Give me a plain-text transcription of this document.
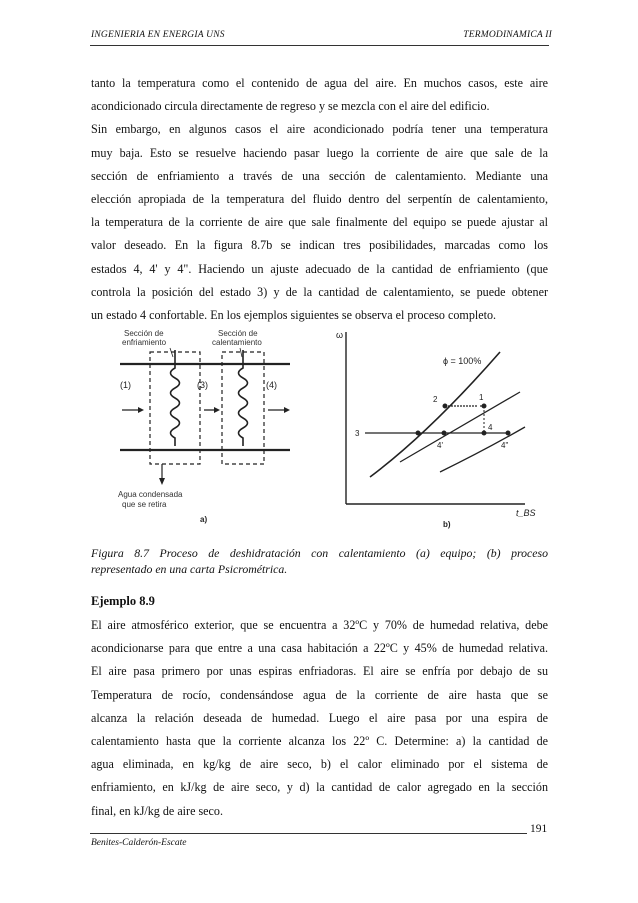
INGENIERIA EN ENERGIA UNS	TERMODINAMICA II
tanto la temperatura como el contenido de agua del aire. En muchos casos, este aire
acondicionado circula directamente de regreso y se mezcla con el aire del edificio.
Sin embargo, en algunos casos el aire acondicionado podría tener una temperatura
muy baja. Esto se resuelve haciendo pasar luego la corriente de aire que sale de la
sección de enfriamiento a través de una sección de calentamiento. Mediante una
elección apropiada de la temperatura del fluido dentro del serpentín de calentamiento,
la temperatura de la corriente de aire que sale finalmente del equipo se puede ajustar al
valor deseado. En la figura 8.7b se indican tres posibilidades, marcadas como los
estados 4, 4' y 4". Haciendo un ajuste adecuado de la cantidad de enfriamiento (que
controla la posición del estado 3) y de la cantidad de calentamiento, se puede obtener
un estado 4 confortable. En los ejemplos siguientes se observa el proceso completo.
Sección de
enfriamiento
Sección de
calentamiento
(1)	(3)	(4)
Agua condensada
que se retira
a)
ω
ϕ = 100%
1
2
3
4
4'	4"
t_BS
b)
Figura 8.7 Proceso de deshidratación con calentamiento (a) equipo; (b) proceso
representado en una carta Psicrométrica.
Ejemplo 8.9
El aire atmosférico exterior, que se encuentra a 32ºC y 70% de humedad relativa, debe
acondicionarse para que entre a una casa habitación a 22ºC y 45% de humedad relativa.
El aire pasa primero por unas espiras enfriadoras. El aire se enfría por debajo de su
Temperatura de rocío, condensándose agua de la corriente de aire hasta que se
alcanza la relación deseada de humedad. Luego el aire pasa por una espira de
calentamiento hasta que la corriente alcanza los 22º C. Determine: a) la cantidad de
agua eliminada, en kg/kg de aire seco, b) el calor eliminado por el sistema de
enfriamiento, en kJ/kg de aire seco, y d) la cantidad de calor agregado en la sección
final, en kJ/kg de aire seco.
191
Benites-Calderón-Escate
